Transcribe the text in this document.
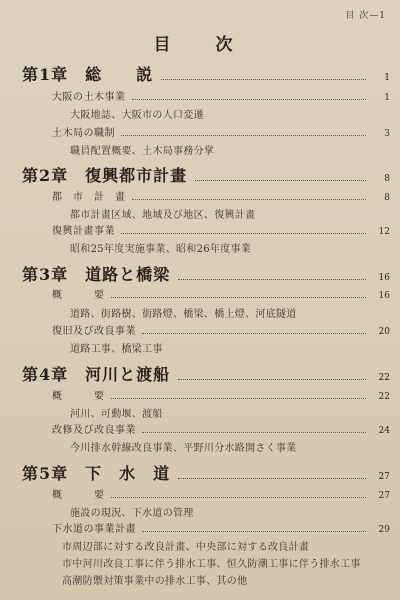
目 次—1
目　次
第1章　総　　説	1
大阪の土木事業	1
大阪地誌、大阪市の人口変遷
土木局の職制	3
職員配置概要、土木局事務分掌
第2章　復興都市計畫	8
都　市　計　畫	8
都市計畫区域、地域及び地区、復興計畫
復興計畫事業	12
昭和25年度実施事業、昭和26年度事業
第3章　道路と橋梁	16
概　　　要	16
道路、街路樹、街路燈、橋梁、橋上燈、河底隧道
復旧及び改良事業	20
道路工事、橋梁工事
第4章　河川と渡船	22
概　　　要	22
河川、可動堰、渡船
改修及び改良事業	24
今川排水幹線改良事業、平野川分水路開さく事業
第5章　下　水　道	27
概　　　要	27
施設の現況、下水道の管理
下水道の事業計畫	29
市周辺部に対する改良計畫、中央部に対する改良計畫
市中河川改良工事に伴う排水工事、恒久防潮工事に伴う排水工事
高潮防禦対策事業中の排水工事、其の他
